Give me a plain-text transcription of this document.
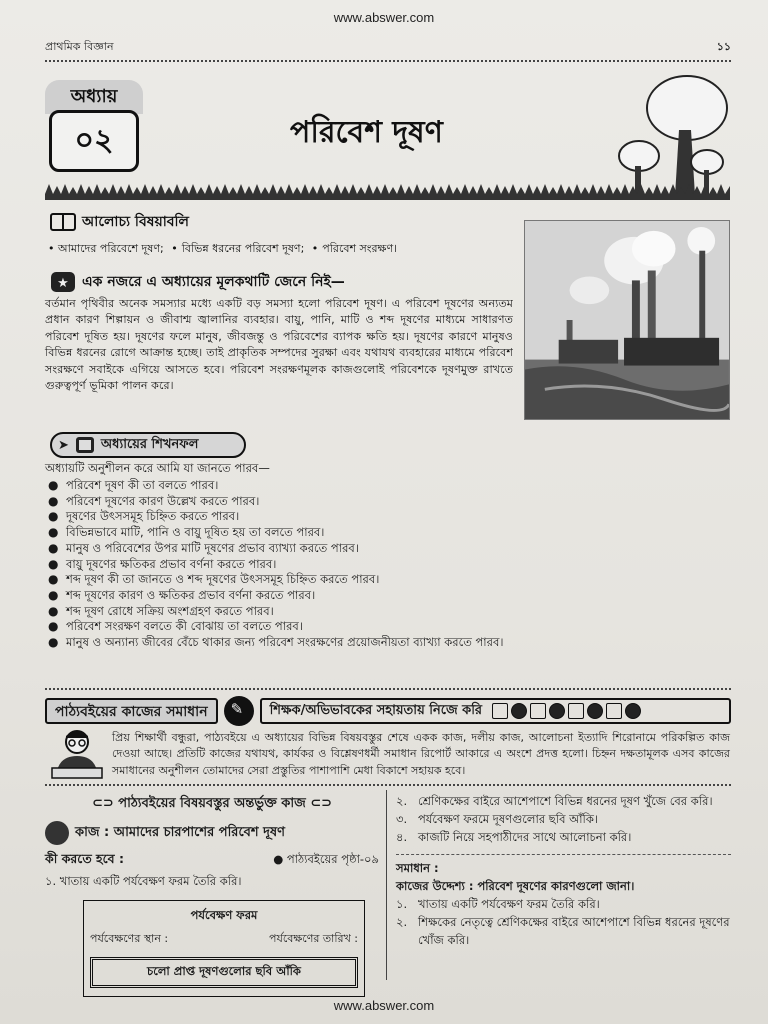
www.abswer.com
প্রাথমিক বিজ্ঞান	১১
অধ্যায়
০২	পরিবেশ দূষণ
আলোচ্য বিষয়াবলি
• আমাদের পরিবেশে দূষণ; • বিভিন্ন ধরনের পরিবেশ দূষণ; • পরিবেশ সংরক্ষণ।
★ এক নজরে এ অধ্যায়ের মূলকথাটি জেনে নিই—
বর্তমান পৃথিবীর অনেক সমস্যার মধ্যে একটি বড় সমস্যা হলো পরিবেশ দূষণ। এ পরিবেশ দূষণের অন্যতম প্রধান কারণ শিল্পায়ন ও জীবাশ্ম জ্বালানির ব্যবহার। বায়ু, পানি, মাটি ও শব্দ দূষণের মাধ্যমে সাধারণত পরিবেশ দূষিত হয়। দূষণের ফলে মানুষ, জীবজন্তু ও পরিবেশের ব্যাপক ক্ষতি হয়। দূষণের কারণে মানুষও বিভিন্ন ধরনের রোগে আক্রান্ত হচ্ছে। তাই প্রাকৃতিক সম্পদের সুরক্ষা এবং যথাযথ ব্যবহারের মাধ্যমে পরিবেশ সংরক্ষণে সবাইকে এগিয়ে আসতে হবে। পরিবেশ সংরক্ষণমূলক কাজগুলোই পরিবেশকে দূষণমুক্ত রাখতে গুরুত্বপূর্ণ ভূমিকা পালন করে।
➤ অধ্যায়ের শিখনফল
অধ্যায়টি অনুশীলন করে আমি যা জানতে পারব—
● পরিবেশ দূষণ কী তা বলতে পারব।
● পরিবেশ দূষণের কারণ উল্লেখ করতে পারব।
● দূষণের উৎসসমূহ চিহ্নিত করতে পারব।
● বিভিন্নভাবে মাটি, পানি ও বায়ু দূষিত হয় তা বলতে পারব।
● মানুষ ও পরিবেশের উপর মাটি দূষণের প্রভাব ব্যাখ্যা করতে পারব।
● বায়ু দূষণের ক্ষতিকর প্রভাব বর্ণনা করতে পারব।
● শব্দ দূষণ কী তা জানতে ও শব্দ দূষণের উৎসসমূহ চিহ্নিত করতে পারব।
● শব্দ দূষণের কারণ ও ক্ষতিকর প্রভাব বর্ণনা করতে পারব।
● শব্দ দূষণ রোধে সক্রিয় অংশগ্রহণ করতে পারব।
● পরিবেশ সংরক্ষণ বলতে কী বোঝায় তা বলতে পারব।
● মানুষ ও অন্যান্য জীবের বেঁচে থাকার জন্য পরিবেশ সংরক্ষণের প্রয়োজনীয়তা ব্যাখ্যা করতে পারব।
পাঠ্যবইয়ের কাজের সমাধান
✎	শিক্ষক/অভিভাবকের সহায়তায় নিজে করি
প্রিয় শিক্ষার্থী বন্ধুরা, পাঠ্যবইয়ে এ অধ্যায়ের বিভিন্ন বিষয়বস্তুর শেষে একক কাজ, দলীয় কাজ, আলোচনা ইত্যাদি শিরোনামে পরিকল্পিত কাজ দেওয়া আছে। প্রতিটি কাজের যথাযথ, কার্যকর ও বিশ্লেষণধর্মী সমাধান রিপোর্ট আকারে এ অংশে প্রদত্ত হলো। চিহ্নন দক্ষতামূলক এসব কাজের সমাধানের অনুশীলন তোমাদের সেরা প্রস্তুতির পাশাপাশি মেধা বিকাশে সহায়ক হবে।
⊂⊃ পাঠ্যবইয়ের বিষয়বস্তুর অন্তর্ভুক্ত কাজ ⊂⊃
কাজ : আমাদের চারপাশের পরিবেশ দূষণ
কী করতে হবে :	● পাঠ্যবইয়ের পৃষ্ঠা-০৯
১. খাতায় একটি পর্যবেক্ষণ ফরম তৈরি করি।
পর্যবেক্ষণ ফরম
পর্যবেক্ষণের স্থান :	পর্যবেক্ষণের তারিখ :
চলো প্রাপ্ত দূষণগুলোর ছবি আঁকি
২. শ্রেণিকক্ষের বাইরে আশেপাশে বিভিন্ন ধরনের দূষণ খুঁজে বের করি।
৩. পর্যবেক্ষণ ফরমে দূষণগুলোর ছবি আঁকি।
৪. কাজটি নিয়ে সহপাঠীদের সাথে আলোচনা করি।
সমাধান :
কাজের উদ্দেশ্য : পরিবেশ দূষণের কারণগুলো জানা।
১. খাতায় একটি পর্যবেক্ষণ ফরম তৈরি করি।
২. শিক্ষকের নেতৃত্বে শ্রেণিকক্ষের বাইরে আশেপাশে বিভিন্ন ধরনের দূষণের খোঁজ করি।
www.abswer.com
